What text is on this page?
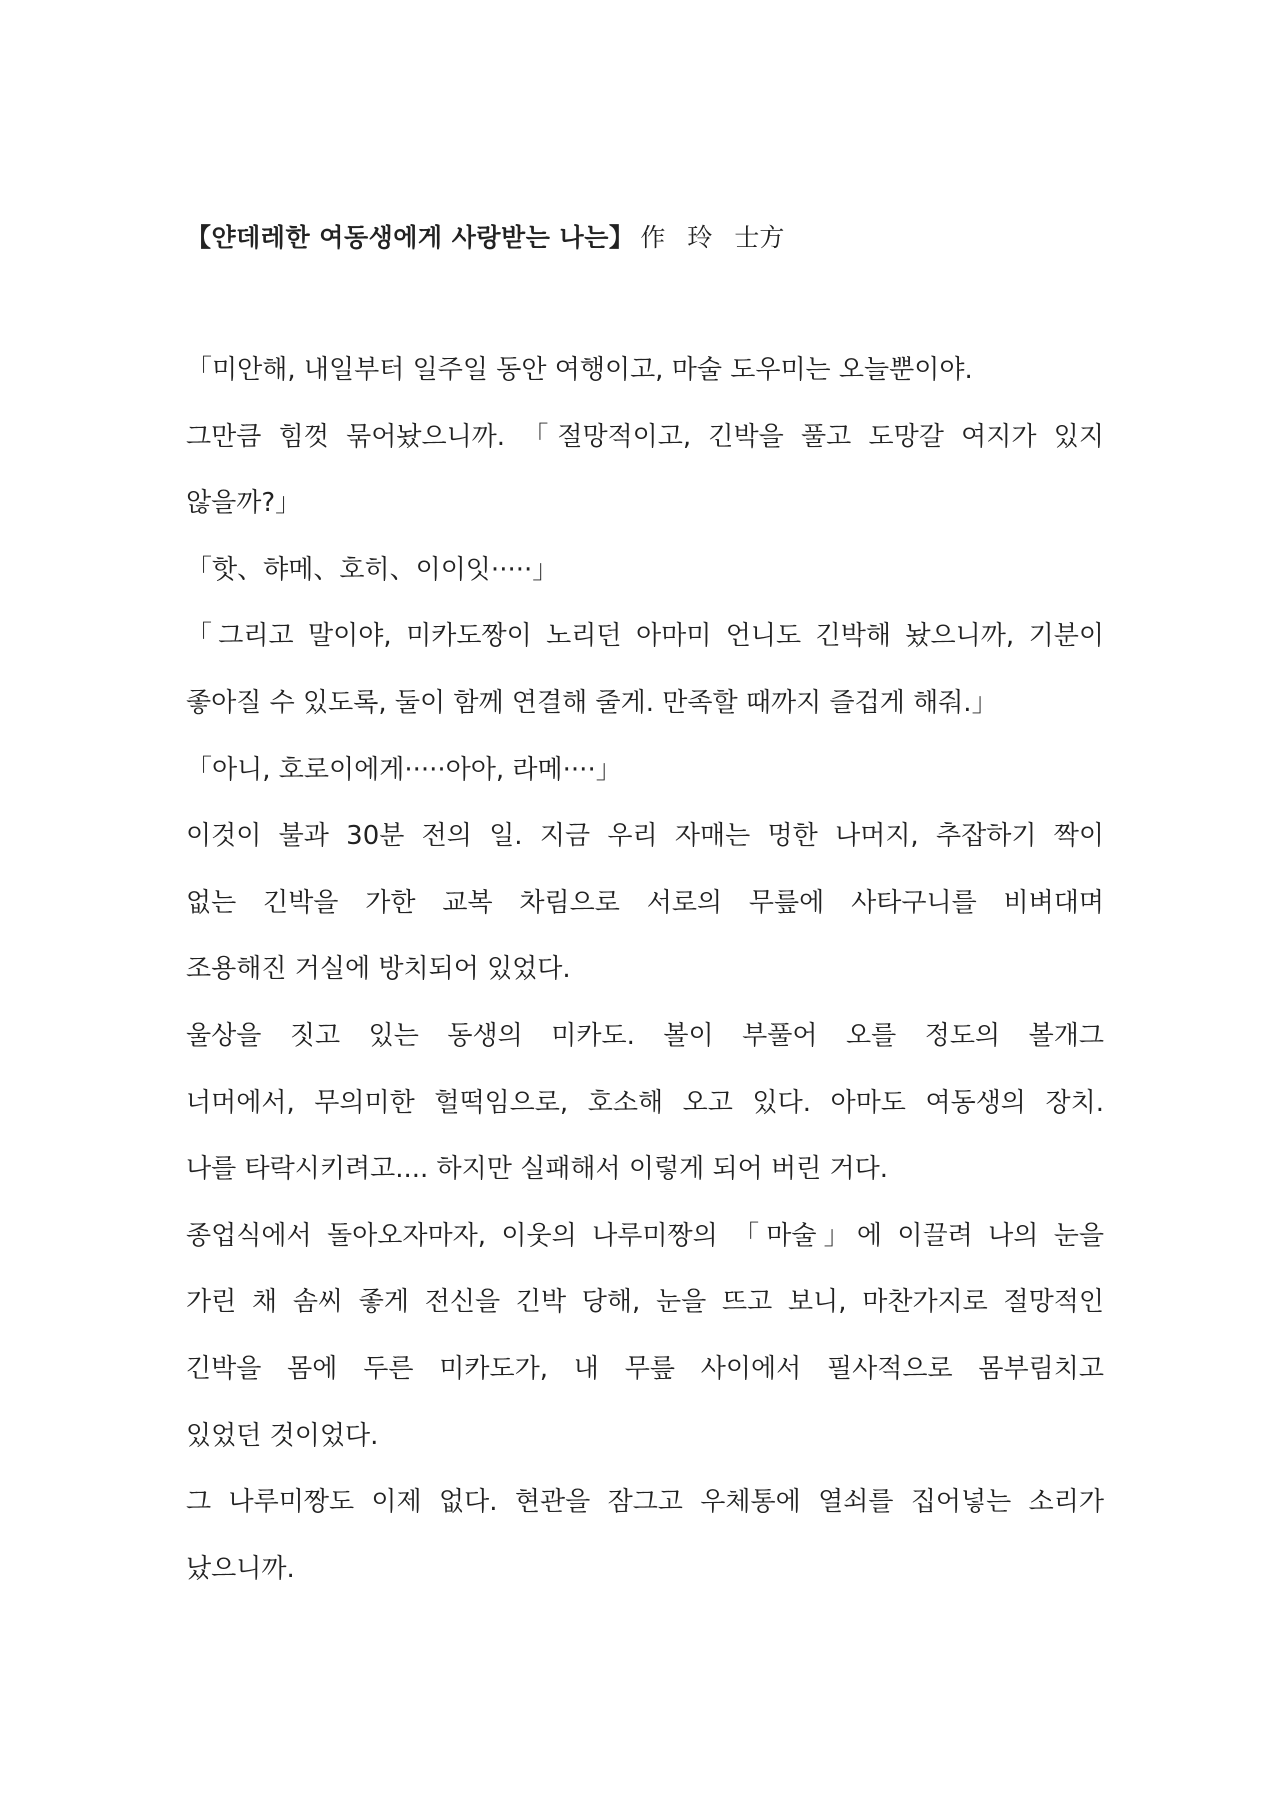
【얀데레한 여동생에게 사랑받는 나는】 作 玲 士方
「미안해, 내일부터 일주일 동안 여행이고, 마술 도우미는 오늘뿐이야.
그만큼 힘껏 묶어놨으니까. 「절망적이고, 긴박을 풀고 도망갈 여지가 있지
않을까?」
「핫、햐메、호히、이이잇·····」
「그리고 말이야, 미카도짱이 노리던 아마미 언니도 긴박해 놨으니까, 기분이
좋아질 수 있도록, 둘이 함께 연결해 줄게. 만족할 때까지 즐겁게 해줘.」
「아니, 호로이에게·····아아, 라메····」
이것이 불과 30분 전의 일. 지금 우리 자매는 멍한 나머지, 추잡하기 짝이
없는 긴박을 가한 교복 차림으로 서로의 무릎에 사타구니를 비벼대며
조용해진 거실에 방치되어 있었다.
울상을 짓고 있는 동생의 미카도. 볼이 부풀어 오를 정도의 볼개그
너머에서, 무의미한 헐떡임으로, 호소해 오고 있다. 아마도 여동생의 장치.
나를 타락시키려고.... 하지만 실패해서 이렇게 되어 버린 거다.
종업식에서 돌아오자마자, 이웃의 나루미짱의 「마술」에 이끌려 나의 눈을
가린 채 솜씨 좋게 전신을 긴박 당해, 눈을 뜨고 보니, 마찬가지로 절망적인
긴박을 몸에 두른 미카도가, 내 무릎 사이에서 필사적으로 몸부림치고
있었던 것이었다.
그 나루미짱도 이제 없다. 현관을 잠그고 우체통에 열쇠를 집어넣는 소리가
났으니까.
